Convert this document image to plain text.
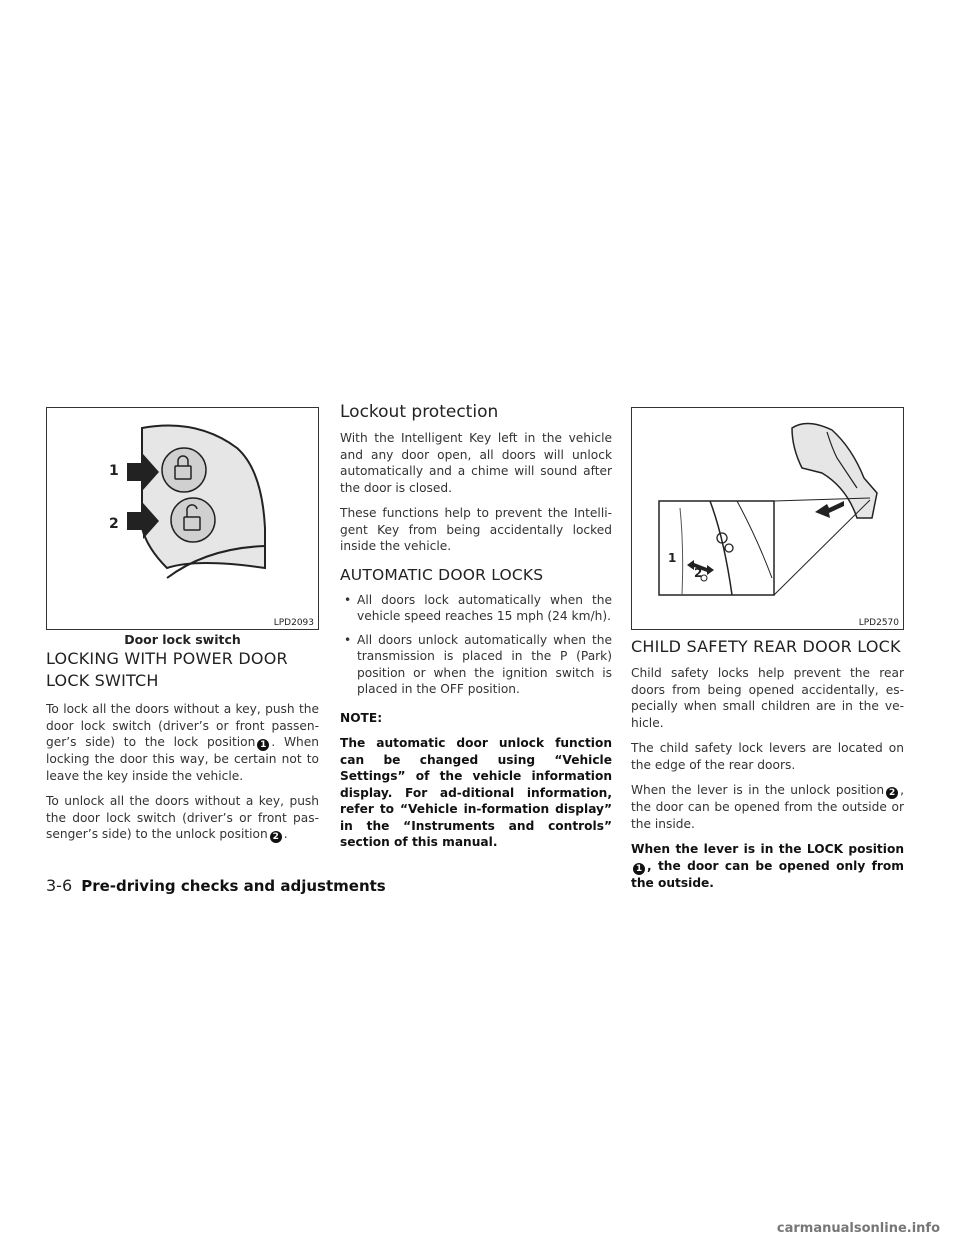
1
2
LPD2093
Door lock switch
1
2
LPD2570
LOCKING WITH POWER DOOR
LOCK SWITCH

To lock all the doors without a key, push the door lock switch (driver’s or front passen-ger’s side) to the lock position 1 . When locking the door this way, be certain not to leave the key inside the vehicle.

To unlock all the doors without a key, push the door lock switch (driver’s or front pas-senger’s side) to the unlock position 2 .

Lockout protection

With the Intelligent Key left in the vehicle and any door open, all doors will unlock automatically and a chime will sound after the door is closed.

These functions help to prevent the Intelli-gent Key from being accidentally locked inside the vehicle.

AUTOMATIC DOOR LOCKS

• All doors lock automatically when the vehicle speed reaches 15 mph (24 km/h).

• All doors unlock automatically when the transmission is placed in the P (Park) position or when the ignition switch is placed in the OFF position.

NOTE:

The automatic door unlock function can be changed using “Vehicle Settings” of the vehicle information display. For ad-ditional information, refer to “Vehicle in-formation display” in the “Instruments and controls” section of this manual.

CHILD SAFETY REAR DOOR LOCK

Child safety locks help prevent the rear doors from being opened accidentally, es-pecially when small children are in the ve-hicle.

The child safety lock levers are located on the edge of the rear doors.

When the lever is in the unlock position 2 , the door can be opened from the outside or the inside.

When the lever is in the LOCK position1 , the door can be opened only from the outside.

3-6 Pre-driving checks and adjustments
carmanualsonline.info
